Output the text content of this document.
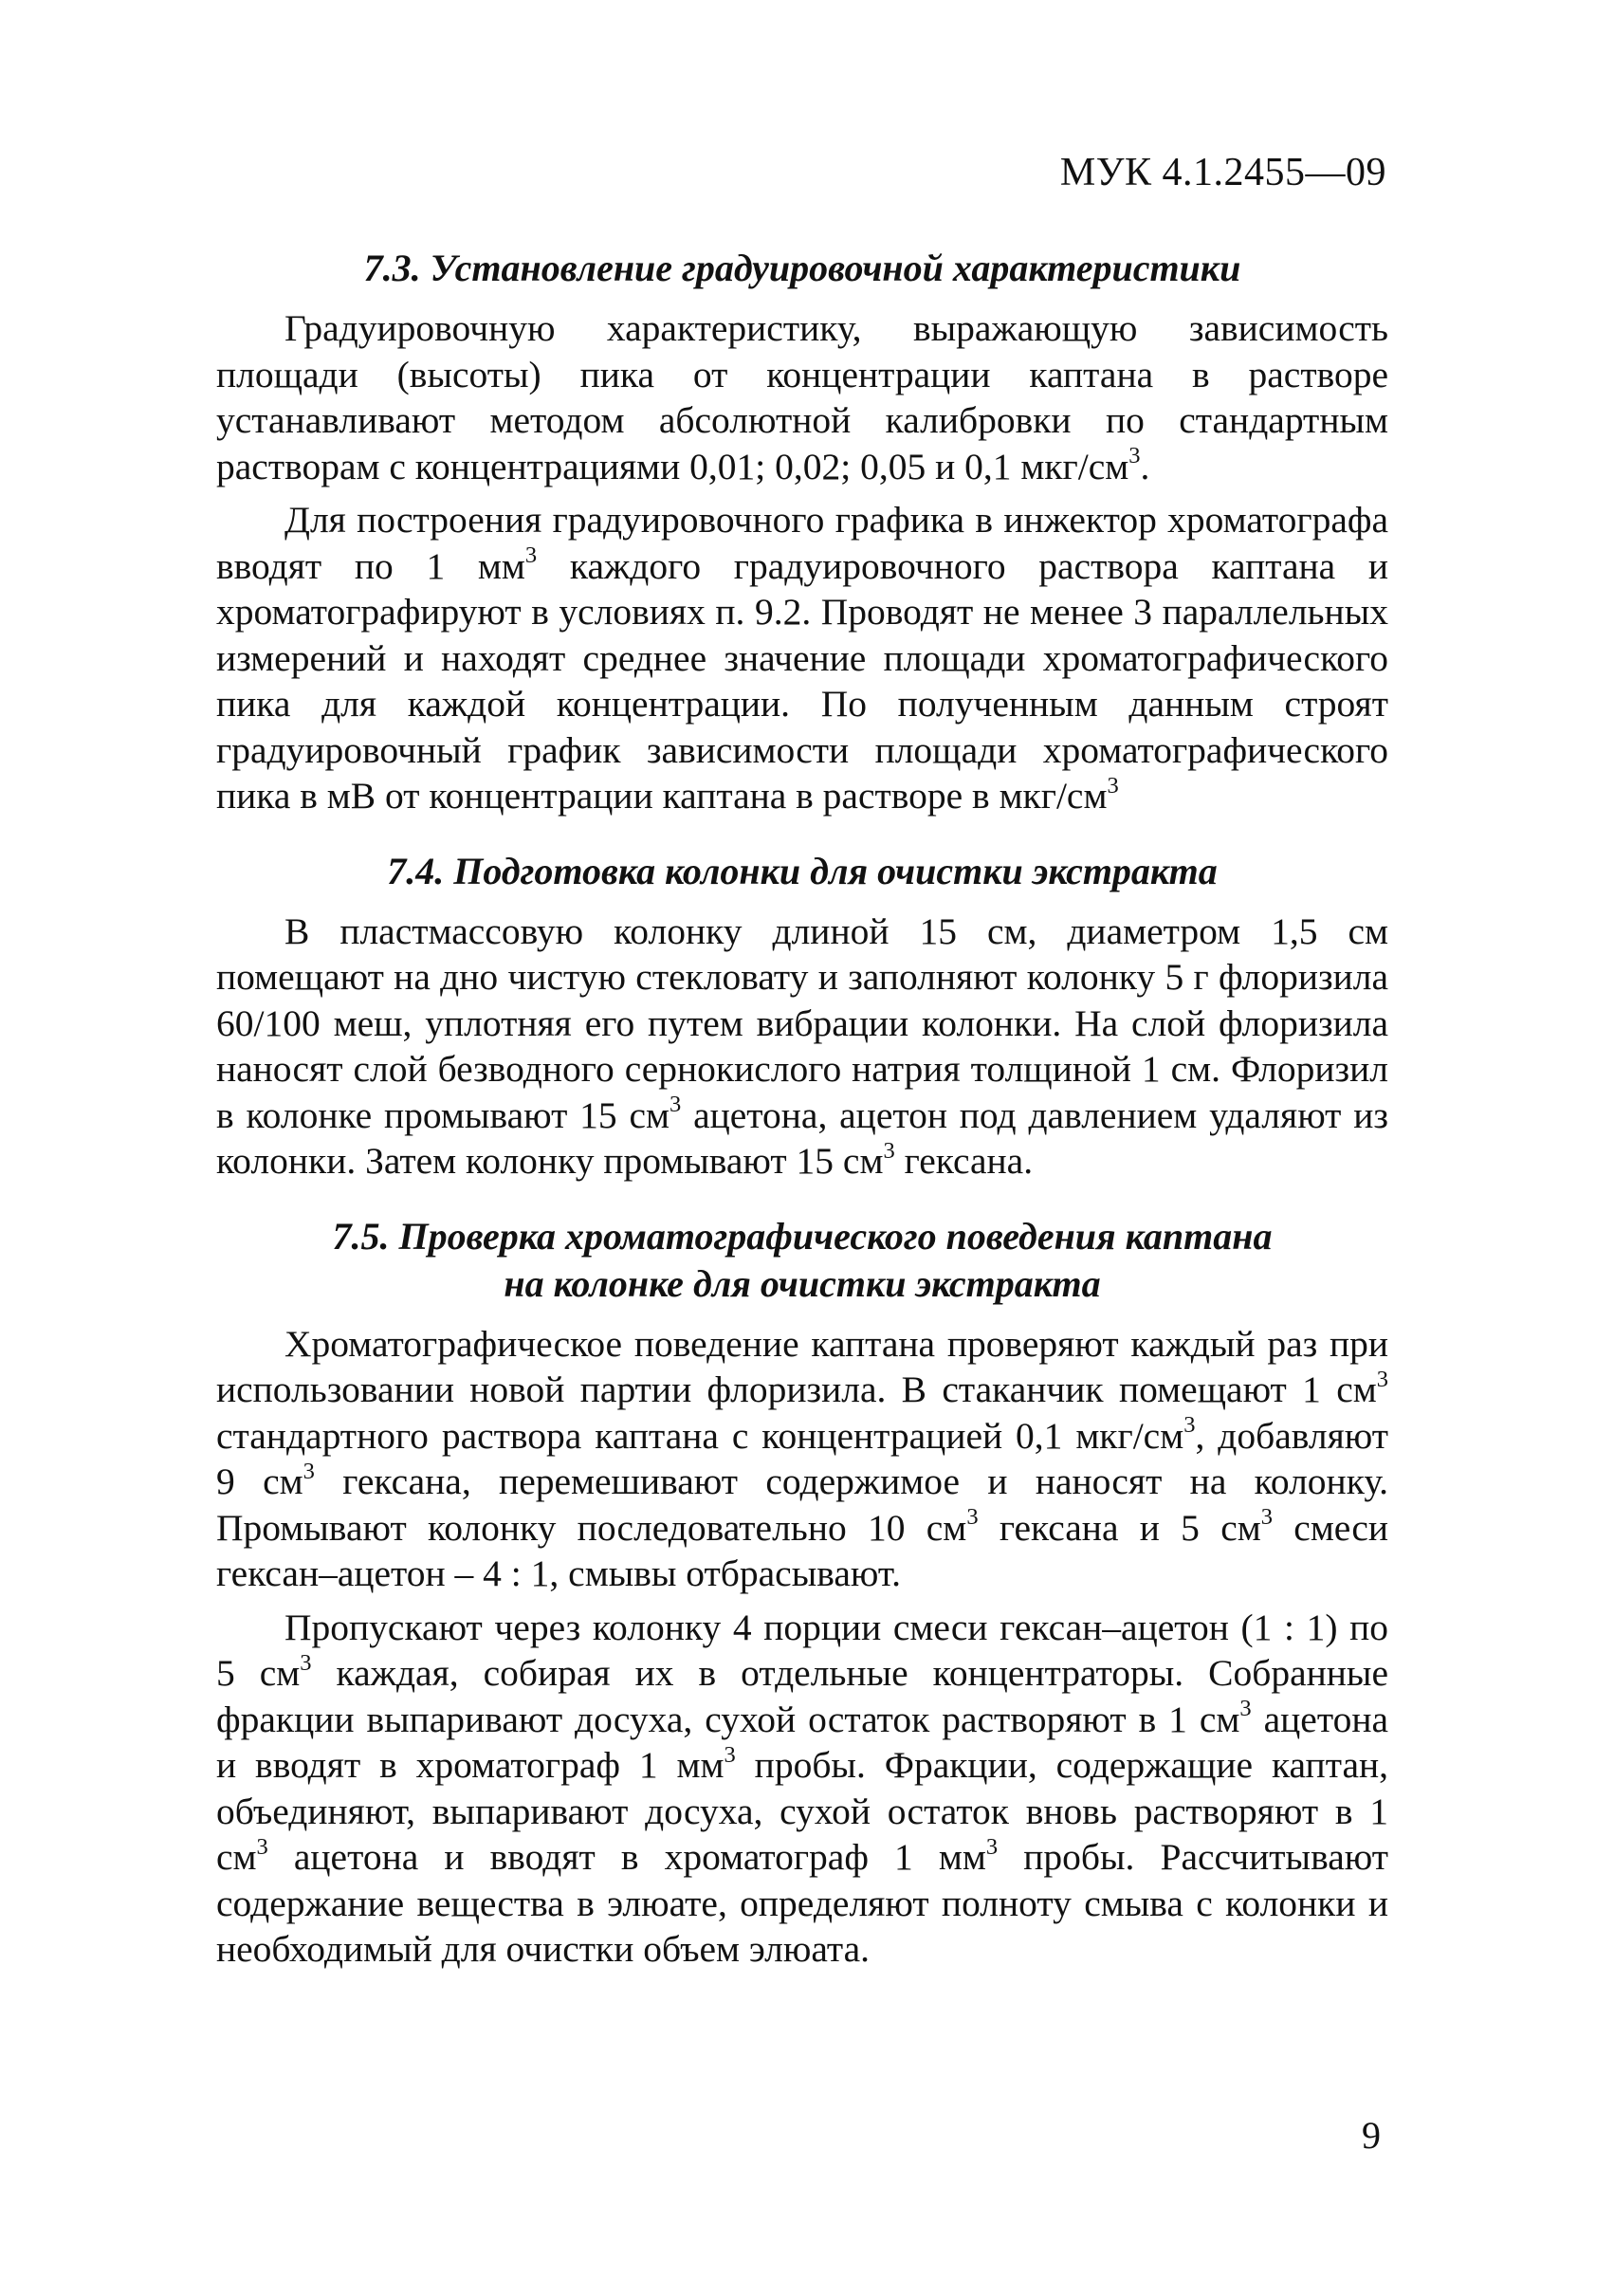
МУК 4.1.2455—09
7.3. Установление градуировочной характеристики

Градуировочную характеристику, выражающую зависимость площади (высоты) пика от концентрации каптана в растворе устанавливают методом абсолютной калибровки по стандартным растворам с концентрациями 0,01; 0,02; 0,05 и 0,1 мкг/$см^3$.

Для построения градуировочного графика в инжектор хроматографа вводят по 1 $мм^3$ каждого градуировочного раствора каптана и хроматографируют в условиях п. 9.2. Проводят не менее 3 параллельных измерений и находят среднее значение площади хроматографического пика для каждой концентрации. По полученным данным строят градуировочный график зависимости площади хроматографического пика в мВ от концентрации каптана в растворе в мкг/$см^3$

7.4. Подготовка колонки для очистки экстракта

В пластмассовую колонку длиной 15 см, диаметром 1,5 см помещают на дно чистую стекловату и заполняют колонку 5 г флоризила 60/100 меш, уплотняя его путем вибрации колонки. На слой флоризила наносят слой безводного сернокислого натрия толщиной 1 см. Флоризил в колонке промывают 15 $см^3$ ацетона, ацетон под давлением удаляют из колонки. Затем колонку промывают 15 $см^3$ гексана.

7.5. Проверка хроматографического поведения каптана
на колонке для очистки экстракта

Хроматографическое поведение каптана проверяют каждый раз при использовании новой партии флоризила. В стаканчик помещают 1 $см^3$ стандартного раствора каптана с концентрацией 0,1 мкг/$см^3$, добавляют 9 $см^3$ гексана, перемешивают содержимое и наносят на колонку. Промывают колонку последовательно 10 $см^3$ гексана и 5 $см^3$ смеси гексан–ацетон – 4 : 1, смывы отбрасывают.

Пропускают через колонку 4 порции смеси гексан–ацетон (1 : 1) по 5 $см^3$ каждая, собирая их в отдельные концентраторы. Собранные фракции выпаривают досуха, сухой остаток растворяют в 1 $см^3$ ацетона и вводят в хроматограф 1 $мм^3$ пробы. Фракции, содержащие каптан, объединяют, выпаривают досуха, сухой остаток вновь растворяют в 1 $см^3$ ацетона и вводят в хроматограф 1 $мм^3$ пробы. Рассчитывают содержание вещества в элюате, определяют полноту смыва с колонки и необходимый для очистки объем элюата.

9
